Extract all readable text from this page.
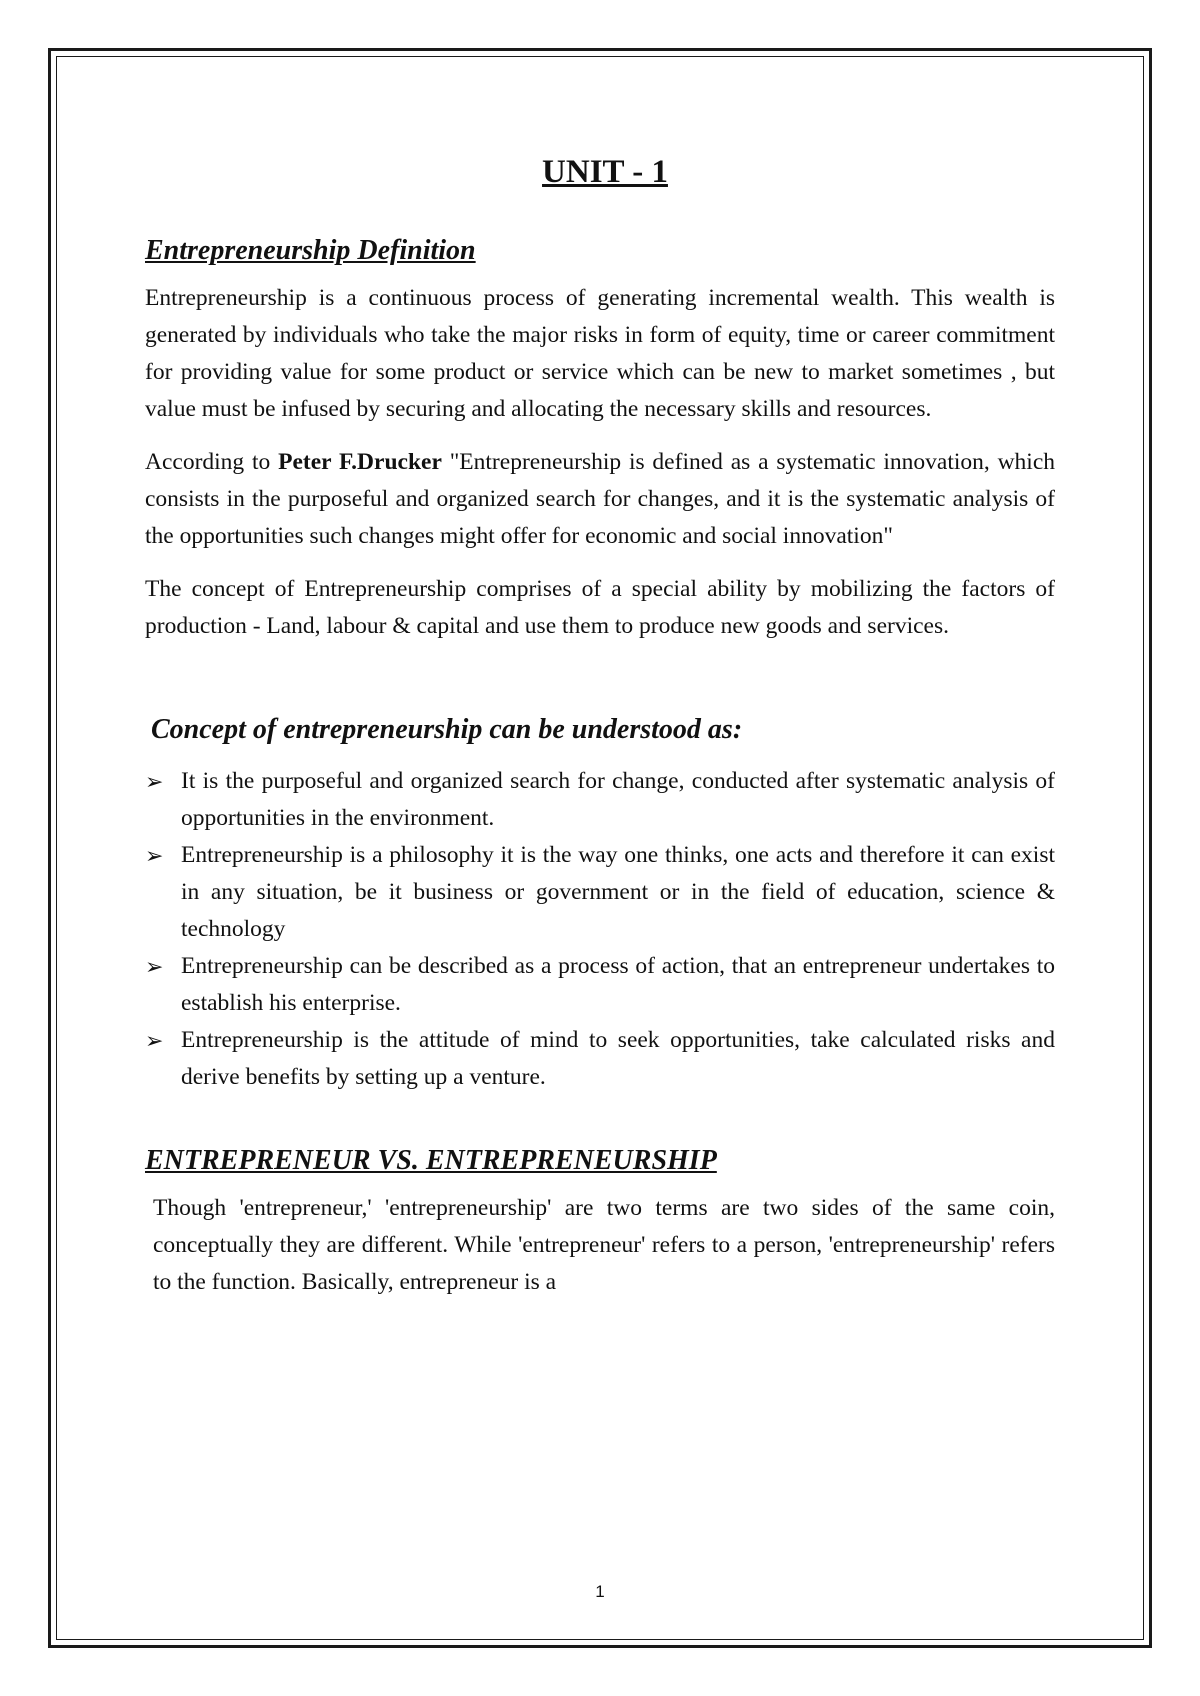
UNIT - 1
Entrepreneurship Definition

Entrepreneurship is a continuous process of generating incremental wealth. This wealth is generated by individuals who take the major risks in form of equity, time or career commitment for providing value for some product or service which can be new to market sometimes , but value must be infused by securing and allocating the necessary skills and resources.

According to Peter F.Drucker "Entrepreneurship is defined as a systematic innovation, which consists in the purposeful and organized search for changes, and it is the systematic analysis of the opportunities such changes might offer for economic and social innovation"

The concept of Entrepreneurship comprises of a special ability by mobilizing the factors of production - Land, labour & capital and use them to produce new goods and services.

Concept of entrepreneurship can be understood as:
➢ It is the purposeful and organized search for change, conducted after systematic analysis of opportunities in the environment.
➢ Entrepreneurship is a philosophy it is the way one thinks, one acts and therefore it can exist in any situation, be it business or government or in the field of education, science & technology
➢ Entrepreneurship can be described as a process of action, that an entrepreneur undertakes to establish his enterprise.
➢ Entrepreneurship is the attitude of mind to seek opportunities, take calculated risks and derive benefits by setting up a venture.
ENTREPRENEUR VS. ENTREPRENEURSHIP

Though 'entrepreneur,' 'entrepreneurship' are two terms are two sides of the same coin, conceptually they are different. While 'entrepreneur' refers to a person, 'entrepreneurship' refers to the function. Basically, entrepreneur is a

1
